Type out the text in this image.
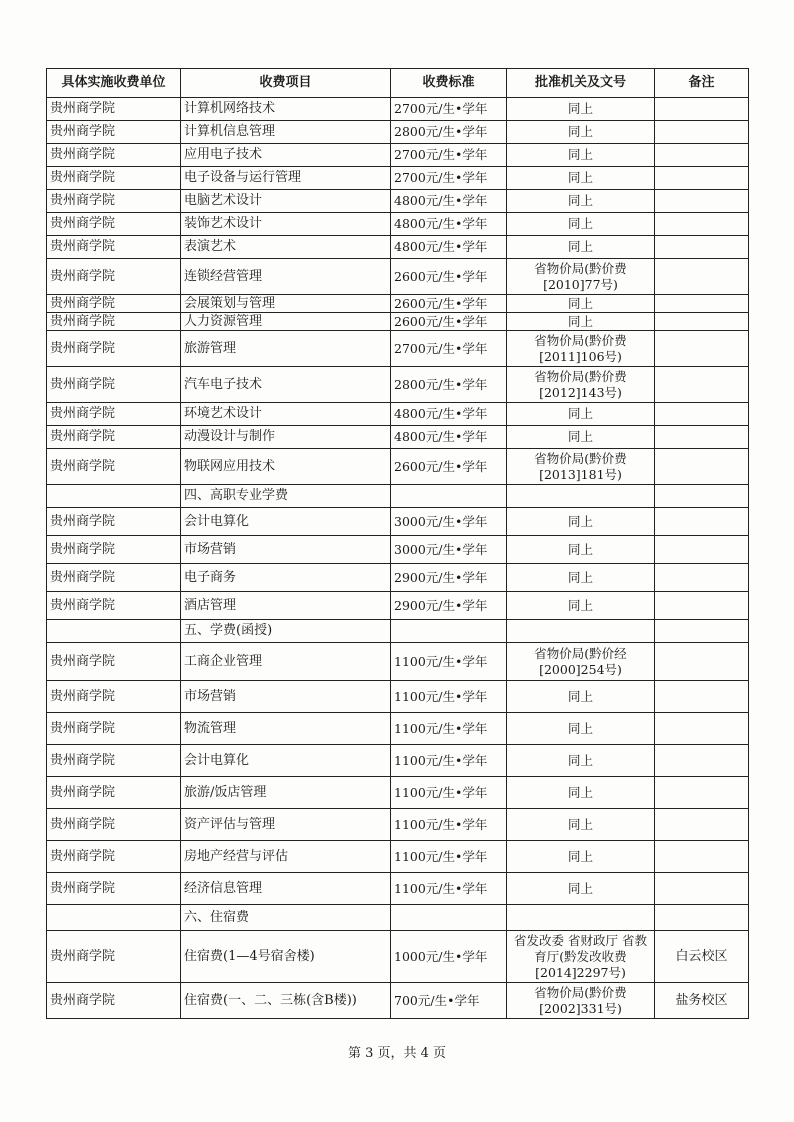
具体实施收费单位	收费项目	收费标准	批准机关及文号	备注
贵州商学院	计算机网络技术	2700元/生•学年	同上	
贵州商学院	计算机信息管理	2800元/生•学年	同上	
贵州商学院	应用电子技术	2700元/生•学年	同上	
贵州商学院	电子设备与运行管理	2700元/生•学年	同上	
贵州商学院	电脑艺术设计	4800元/生•学年	同上	
贵州商学院	装饰艺术设计	4800元/生•学年	同上	
贵州商学院	表演艺术	4800元/生•学年	同上	
贵州商学院	连锁经营管理	2600元/生•学年	省物价局(黔价费[2010]77号)	
贵州商学院	会展策划与管理	2600元/生•学年	同上	
贵州商学院	人力资源管理	2600元/生•学年	同上	
贵州商学院	旅游管理	2700元/生•学年	省物价局(黔价费[2011]106号)	
贵州商学院	汽车电子技术	2800元/生•学年	省物价局(黔价费[2012]143号)	
贵州商学院	环境艺术设计	4800元/生•学年	同上	
贵州商学院	动漫设计与制作	4800元/生•学年	同上	
贵州商学院	物联网应用技术	2600元/生•学年	省物价局(黔价费[2013]181号)	
	四、高职专业学费			
贵州商学院	会计电算化	3000元/生•学年	同上	
贵州商学院	市场营销	3000元/生•学年	同上	
贵州商学院	电子商务	2900元/生•学年	同上	
贵州商学院	酒店管理	2900元/生•学年	同上	
	五、学费(函授)			
贵州商学院	工商企业管理	1100元/生•学年	省物价局(黔价经[2000]254号)	
贵州商学院	市场营销	1100元/生•学年	同上	
贵州商学院	物流管理	1100元/生•学年	同上	
贵州商学院	会计电算化	1100元/生•学年	同上	
贵州商学院	旅游/饭店管理	1100元/生•学年	同上	
贵州商学院	资产评估与管理	1100元/生•学年	同上	
贵州商学院	房地产经营与评估	1100元/生•学年	同上	
贵州商学院	经济信息管理	1100元/生•学年	同上	
	六、住宿费			
贵州商学院	住宿费(1—4号宿舍楼)	1000元/生•学年	省发改委 省财政厅 省教育厅(黔发改收费[2014]2297号)	白云校区
贵州商学院	住宿费(一、二、三栋(含B楼))	700元/生•学年	省物价局(黔价费[2002]331号)	盐务校区
第 3 页，共 4 页
